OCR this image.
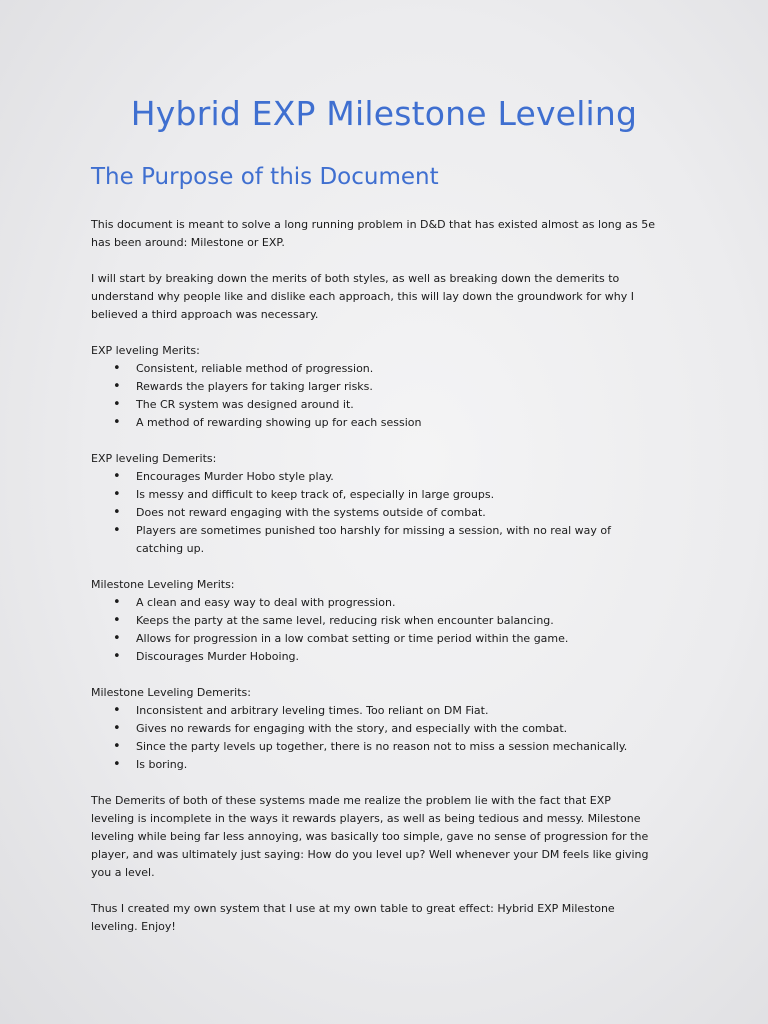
Hybrid EXP Milestone Leveling
The Purpose of this Document

This document is meant to solve a long running problem in D&D that has existed almost as long as 5e has been around: Milestone or EXP.

I will start by breaking down the merits of both styles, as well as breaking down the demerits to understand why people like and dislike each approach, this will lay down the groundwork for why I believed a third approach was necessary.

EXP leveling Merits:

• Consistent, reliable method of progression.
• Rewards the players for taking larger risks.
• The CR system was designed around it.
• A method of rewarding showing up for each session

EXP leveling Demerits:

• Encourages Murder Hobo style play.
• Is messy and difficult to keep track of, especially in large groups.
• Does not reward engaging with the systems outside of combat.
• Players are sometimes punished too harshly for missing a session, with no real way of catching up.

Milestone Leveling Merits:

• A clean and easy way to deal with progression.
• Keeps the party at the same level, reducing risk when encounter balancing.
• Allows for progression in a low combat setting or time period within the game.
• Discourages Murder Hoboing.

Milestone Leveling Demerits:

• Inconsistent and arbitrary leveling times. Too reliant on DM Fiat.
• Gives no rewards for engaging with the story, and especially with the combat.
• Since the party levels up together, there is no reason not to miss a session mechanically.
• Is boring.

The Demerits of both of these systems made me realize the problem lie with the fact that EXP leveling is incomplete in the ways it rewards players, as well as being tedious and messy. Milestone leveling while being far less annoying, was basically too simple, gave no sense of progression for the player, and was ultimately just saying: How do you level up? Well whenever your DM feels like giving you a level.

Thus I created my own system that I use at my own table to great effect: Hybrid EXP Milestone leveling. Enjoy!
